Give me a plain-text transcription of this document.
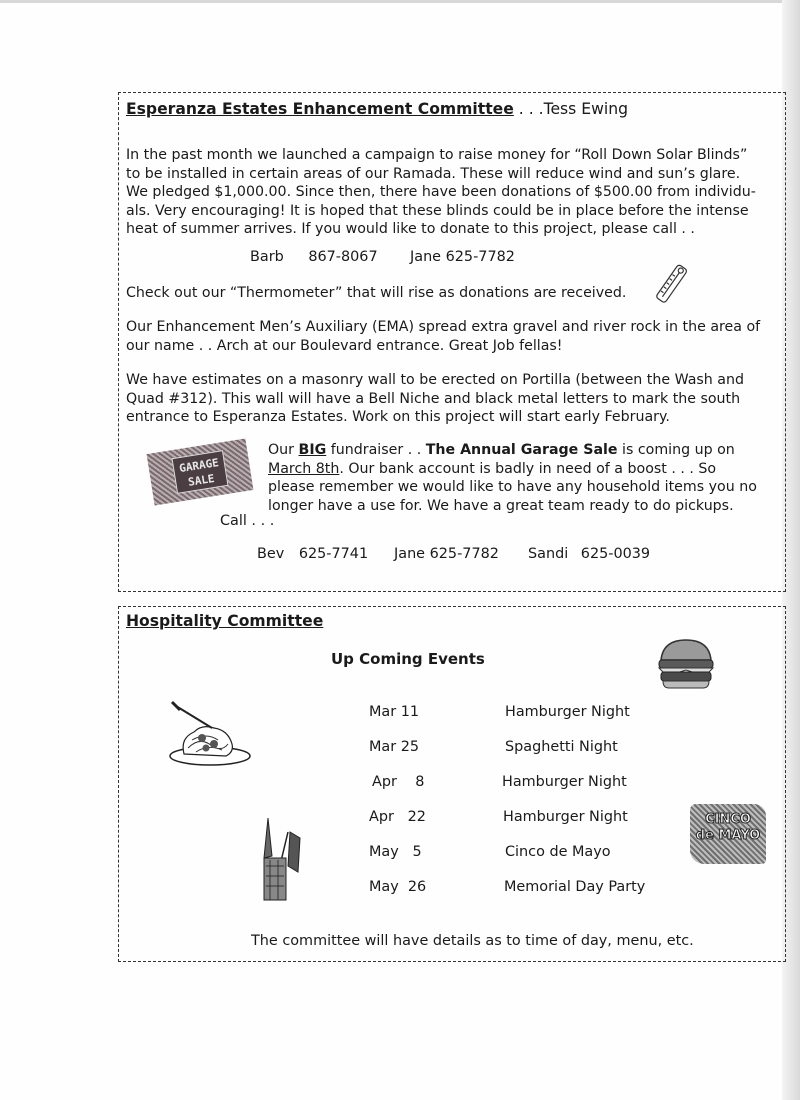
Esperanza Estates Enhancement Committee . . .Tess Ewing
In the past month we launched a campaign to raise money for “Roll Down Solar Blinds”
to be installed in certain areas of our Ramada. These will reduce wind and sun’s glare.
We pledged $1,000.00. Since then, there have been donations of $500.00 from individu-
als. Very encouraging! It is hoped that these blinds could be in place before the intense
heat of summer arrives. If you would like to donate to this project, please call . .
Barb 867-8067 Jane 625-7782
Check out our “Thermometer” that will rise as donations are received.
Our Enhancement Men’s Auxiliary (EMA) spread extra gravel and river rock in the area of
our name . . Arch at our Boulevard entrance. Great Job fellas!
We have estimates on a masonry wall to be erected on Portilla (between the Wash and
Quad #312). This wall will have a Bell Niche and black metal letters to mark the south
entrance to Esperanza Estates. Work on this project will start early February.
GARAGE
SALE
Our BIG fundraiser . . The Annual Garage Sale is coming up on
March 8th. Our bank account is badly in need of a boost . . . So
please remember we would like to have any household items you no
longer have a use for. We have a great team ready to do pickups.
Call . . .
Bev 625-7741 Jane 625-7782 Sandi 625-0039
Hospitality Committee
Up Coming Events
Mar 11	Hamburger Night
Mar 25	Spaghetti Night
Apr    8	Hamburger Night
Apr   22	Hamburger Night
May   5	Cinco de Mayo
May  26	Memorial Day Party
CINCO
de MAYO
The committee will have details as to time of day, menu, etc.
